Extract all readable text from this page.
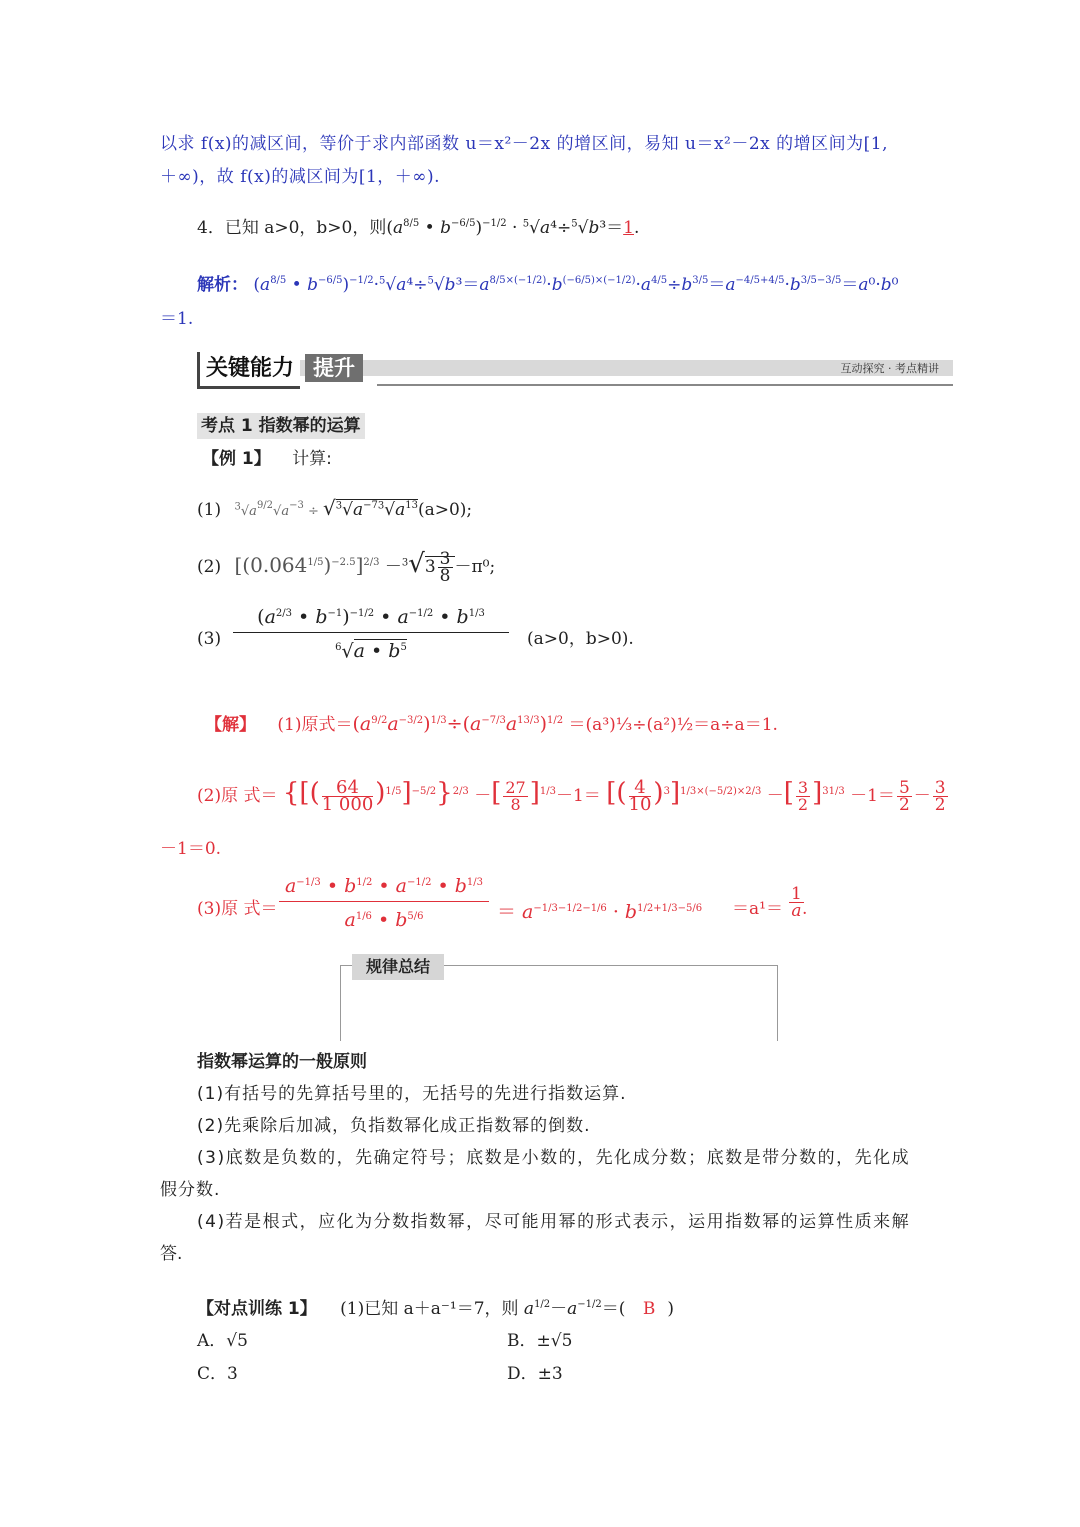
以求 f(x)的减区间，等价于求内部函数 u＝x²－2x 的增区间，易知 u＝x²－2x 的增区间为[1,
＋∞)，故 f(x)的减区间为[1，＋∞).
4．已知 a>0，b>0，则($a^{8/5}$ • $b^{-6/5})^{-1/2} \cdot ^5√a^4\div^5√b^3=1$.
解析： ($a^{8/5}$ • $b^{-6/5})^{-1/2}\cdot^5√a^4\div^5√b^3=a^{8/5\times(-1/2)}\cdot b^{(-6/5)\times(-1/2)}\cdot a^{4/5}\div b^{3/5}=a^{-4/5+4/5}\cdot b^{3/5-3/5}=a^0\cdot b^0$
＝1.
关键能力 提升	互动探究 · 考点精讲
考点 1 指数幂的运算
【例 1】 计算:
(1) $^3√a^{9/2}√a^{-3} \div √^3√a^{-73}√a^{13}(a>0)$;
(2) $[(0.064^{1/5})^{-2.5}]^{2/3} -^3√3 \frac{3}{8} -\pi^0$;
(3)
($a^{2/3}$ • $b^{-1})^{-1/2}$ • $a^{-1/2}$ • $b^{1/3}$
$^6$√a • $b^5$	(a>0，b>0).
【解】 (1)原式$=(a^{9/2}a^{-3/2})^{1/3}\div(a^{-7/3}a^{13/3})^{1/2}$ ＝(a³)⅓÷(a²)½＝a÷a＝1.
(2)原 式＝ {[( $\frac{64}{1 000} )^{1/5}]^{-5/2}\}^{2/3}$ －[ $\frac{27}{8} ]^{1/3}-1=$ [( $\frac{4}{10} )^3]^{1/3\times(-5/2)\times 2/3}$ －[ $\frac{3}{2} ]^{31/3} -1= \frac{5}{2} - \frac{3}{2}$
－1＝0.
(3)原 式＝
$a^{-1/3}$ • $b^{1/2}$ • $a^{-1/2}$ • $b^{1/3}$
$a^{1/6}$ • $b^{5/6}$	＝ $a^{-1/3-1/2-1/6} \cdot b^{1/2+1/3-5/6} =a^1= \frac{1}{a}$
.
规律总结
指数幂运算的一般原则
(1)有括号的先算括号里的，无括号的先进行指数运算.
(2)先乘除后加减，负指数幂化成正指数幂的倒数.
(3)底数是负数的，先确定符号；底数是小数的，先化成分数；底数是带分数的，先化成
假分数.
(4)若是根式，应化为分数指数幂，尽可能用幂的形式表示，运用指数幂的运算性质来解
答.
【对点训练 1】 (1)已知 a＋a⁻¹＝7，则 $a^{1/2}-a^{-1/2}=$( B )
A．√5	B．±√5
C．3	D．±3
